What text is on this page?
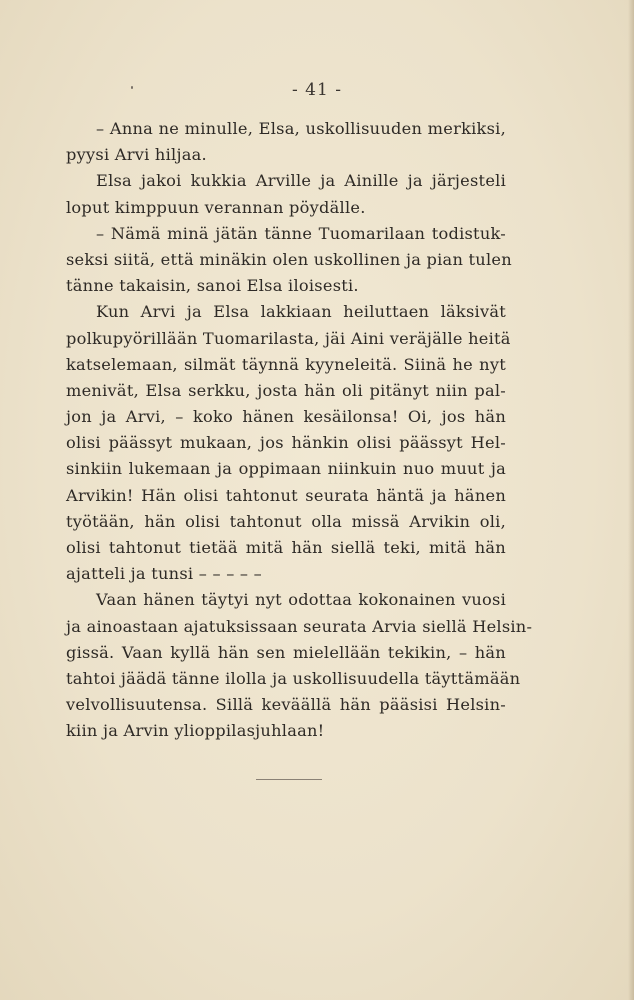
- 41 -
– Anna ne minulle, Elsa, uskollisuuden merkiksi,
pyysi Arvi hiljaa.
Elsa jakoi kukkia Arville ja Ainille ja järjesteli
loput kimppuun verannan pöydälle.
– Nämä minä jätän tänne Tuomarilaan todistuk-
seksi siitä, että minäkin olen uskollinen ja pian tulen
tänne takaisin, sanoi Elsa iloisesti.
Kun Arvi ja Elsa lakkiaan heiluttaen läksivät
polkupyörillään Tuomarilasta, jäi Aini veräjälle heitä
katselemaan, silmät täynnä kyyneleitä. Siinä he nyt
menivät, Elsa serkku, josta hän oli pitänyt niin pal-
jon ja Arvi, – koko hänen kesäilonsa! Oi, jos hän
olisi päässyt mukaan, jos hänkin olisi päässyt Hel-
sinkiin lukemaan ja oppimaan niinkuin nuo muut ja
Arvikin! Hän olisi tahtonut seurata häntä ja hänen
työtään, hän olisi tahtonut olla missä Arvikin oli,
olisi tahtonut tietää mitä hän siellä teki, mitä hän
ajatteli ja tunsi – – – – –
Vaan hänen täytyi nyt odottaa kokonainen vuosi
ja ainoastaan ajatuksissaan seurata Arvia siellä Helsin-
gissä. Vaan kyllä hän sen mielellään tekikin, – hän
tahtoi jäädä tänne ilolla ja uskollisuudella täyttämään
velvollisuutensa. Sillä keväällä hän pääsisi Helsin-
kiin ja Arvin ylioppilasjuhlaan!
